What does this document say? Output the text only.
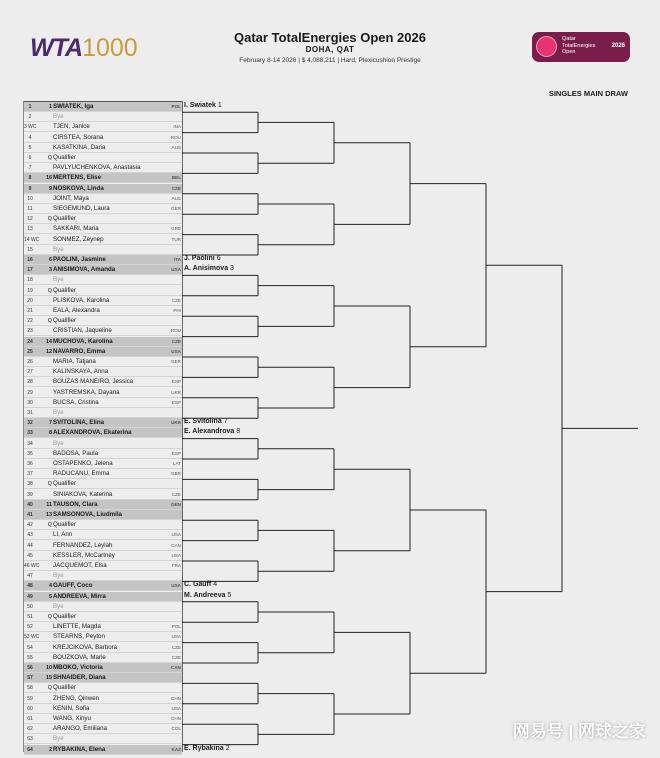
WTA1000	Qatar TotalEnergies Open 2026
DOHA, QAT
February 8-14 2026 | $ 4,088,211 | Hard, Plexicushion Prestige
Qatar
TotalEnergies
Open
2026
SINGLES MAIN DRAW
1	1 SWIATEK, Iga	POL
2	Bye
3 WC	TJEN, Janice	INA
4	CIRSTEA, Sorana	ROU
5	KASATKINA, Daria	AUS
6	Q Qualifier
7	PAVLYUCHENKOVA, Anastasia
8	16 MERTENS, Elise	BEL
9	9 NOSKOVA, Linda	CZE
10	JOINT, Maya	AUS
11	SIEGEMUND, Laura	GER
12	Q Qualifier
13	SAKKARI, Maria	GRE
14 WC SONMEZ, Zeynep	TUR
15	Bye
16	6 PAOLINI, Jasmine	ITA
17	3 ANISIMOVA, Amanda	USA
18	Bye
19	Q Qualifier
20	PLISKOVA, Karolina	CZE
21	EALA, Alexandra	PHI
22	Q Qualifier
23	CRISTIAN, Jaqueline	ROU
24	14 MUCHOVA, Karolina	CZE
25	12 NAVARRO, Emma	USA
26	MARIA, Tatjana	GER
27	KALINSKAYA, Anna
28	BOUZAS MANEIRO, Jessica	ESP
29	YASTREMSKA, Dayana	UKR
30	BUCSA, Cristina	ESP
31	Bye
32	7 SVITOLINA, Elina	UKR
33	8 ALEXANDROVA, Ekaterina
34	Bye
35	BADOSA, Paula	ESP
36	OSTAPENKO, Jelena	LAT
37	RADUCANU, Emma	GBR
38	Q Qualifier
39	SINIAKOVA, Katerina	CZE
40	11 TAUSON, Clara	DEN
41	13 SAMSONOVA, Liudmila
42	Q Qualifier
43	LI, Ann	USA
44	FERNANDEZ, Leylah	CAN
45	KESSLER, McCartney	USA
46 WC JACQUEMOT, Elsa	FRA
47	Bye
48	4 GAUFF, Coco	USA
49	5 ANDREEVA, Mirra
50	Bye
51	Q Qualifier
52	LINETTE, Magda	POL
53 WC STEARNS, Peyton	USA
54	KREJCIKOVA, Barbora	CZE
55	BOUZKOVA, Marie	CZE
56	10 MBOKO, Victoria	CAN
57	15 SHNAIDER, Diana
58	Q Qualifier
59	ZHENG, Qinwen	CHN
60	KENIN, Sofia	USA
61	WANG, Xinyu	CHN
62	ARANGO, Emiliana	COL
63	Bye
64	2 RYBAKINA, Elena	KAZ
I. Swiatek 1
J. Paolini 6
A. Anisimova 3
E. Svitolina 7
E. Alexandrova 8
C. Gauff 4
M. Andreeva 5
E. Rybakina 2
网易号 | 网球之家
